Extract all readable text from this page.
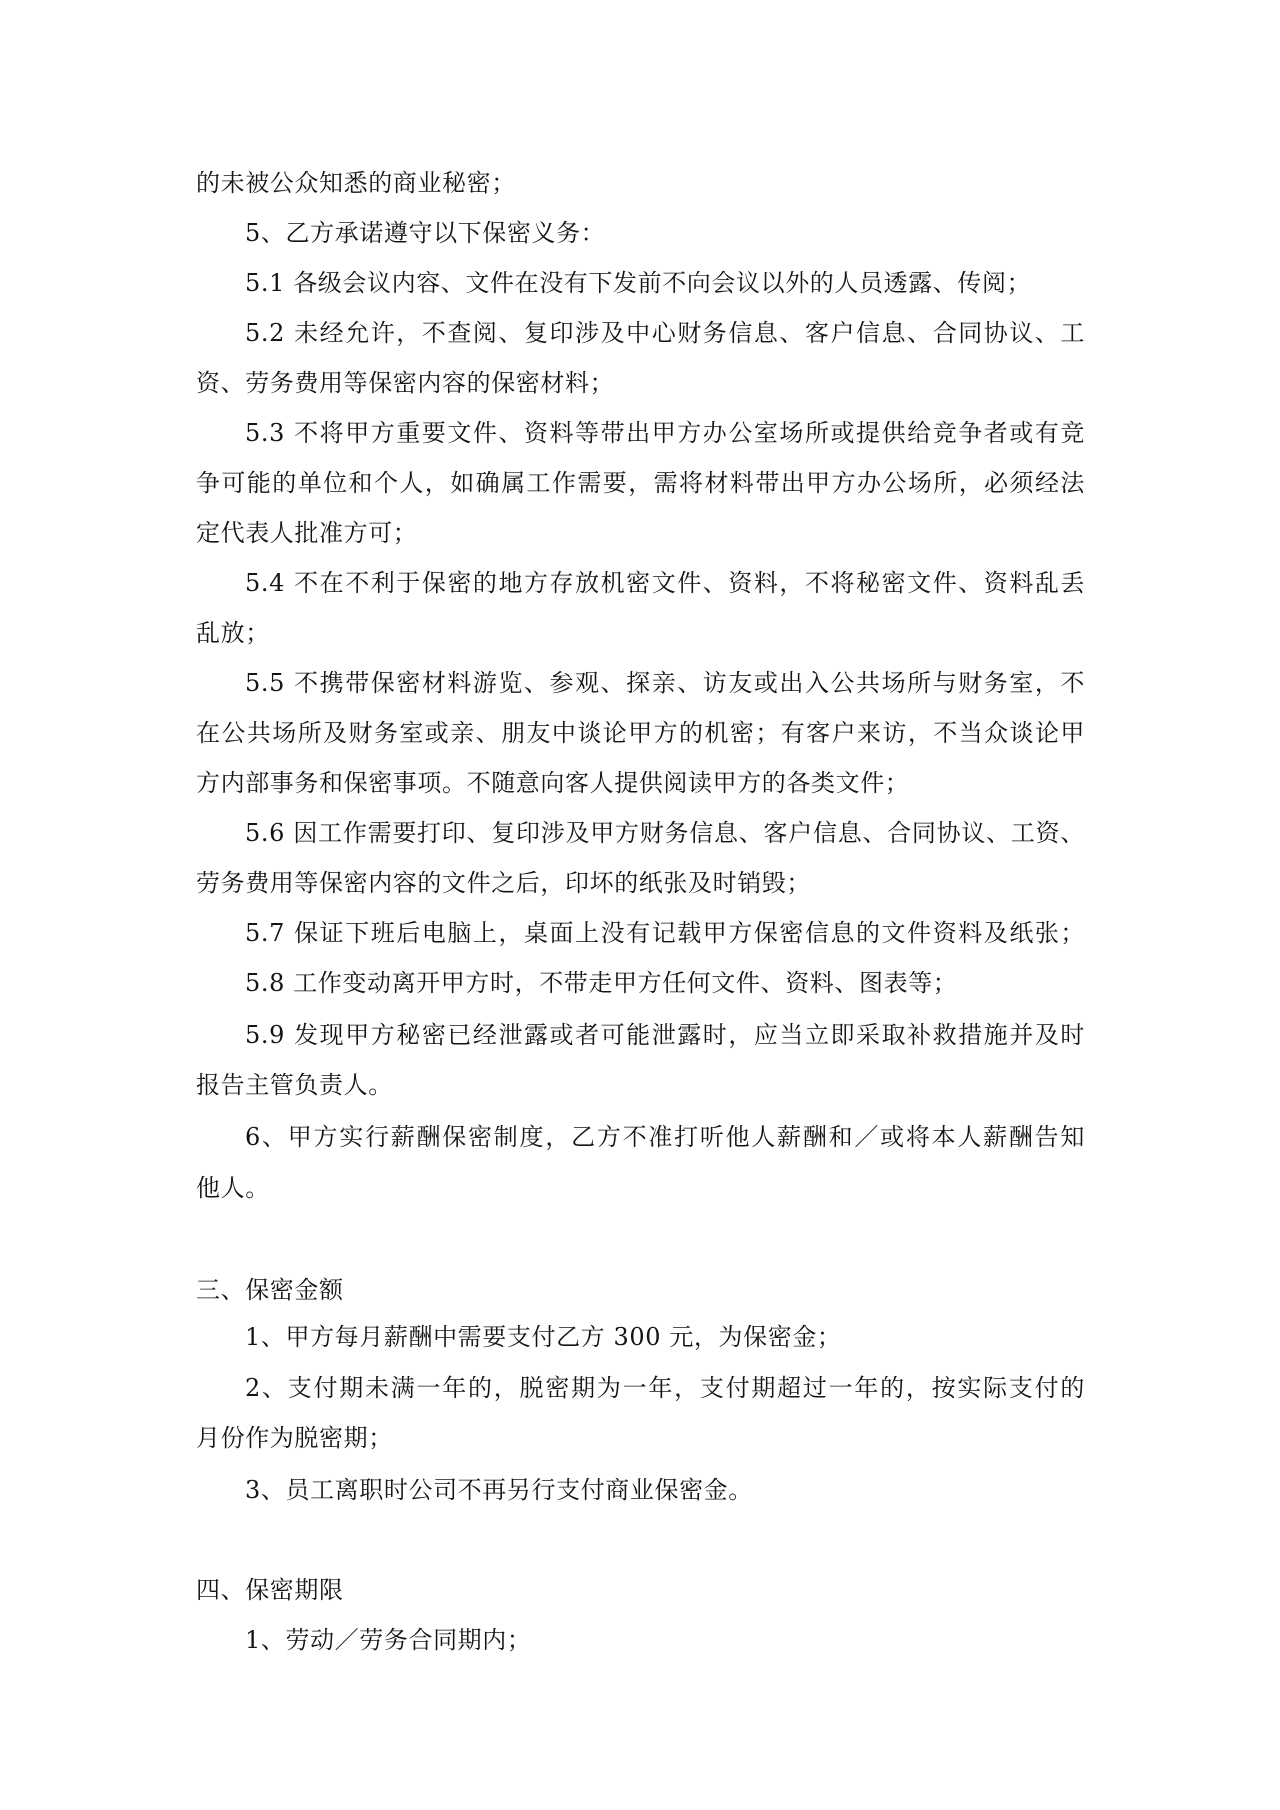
的未被公众知悉的商业秘密；
5、乙方承诺遵守以下保密义务：
5.1 各级会议内容、文件在没有下发前不向会议以外的人员透露、传阅；
5.2 未经允许，不查阅、复印涉及中心财务信息、客户信息、合同协议、工
资、劳务费用等保密内容的保密材料；
5.3 不将甲方重要文件、资料等带出甲方办公室场所或提供给竞争者或有竞
争可能的单位和个人，如确属工作需要，需将材料带出甲方办公场所，必须经法
定代表人批准方可；
5.4 不在不利于保密的地方存放机密文件、资料，不将秘密文件、资料乱丢
乱放；
5.5 不携带保密材料游览、参观、探亲、访友或出入公共场所与财务室，不
在公共场所及财务室或亲、朋友中谈论甲方的机密；有客户来访，不当众谈论甲
方内部事务和保密事项。不随意向客人提供阅读甲方的各类文件；
5.6 因工作需要打印、复印涉及甲方财务信息、客户信息、合同协议、工资、
劳务费用等保密内容的文件之后，印坏的纸张及时销毁；
5.7 保证下班后电脑上，桌面上没有记载甲方保密信息的文件资料及纸张；
5.8 工作变动离开甲方时，不带走甲方任何文件、资料、图表等；
5.9 发现甲方秘密已经泄露或者可能泄露时，应当立即采取补救措施并及时
报告主管负责人。
6、甲方实行薪酬保密制度，乙方不准打听他人薪酬和／或将本人薪酬告知
他人。
三、保密金额
1、甲方每月薪酬中需要支付乙方 300 元，为保密金；
2、支付期未满一年的，脱密期为一年，支付期超过一年的，按实际支付的
月份作为脱密期；
3、员工离职时公司不再另行支付商业保密金。
四、保密期限
1、劳动／劳务合同期内；
